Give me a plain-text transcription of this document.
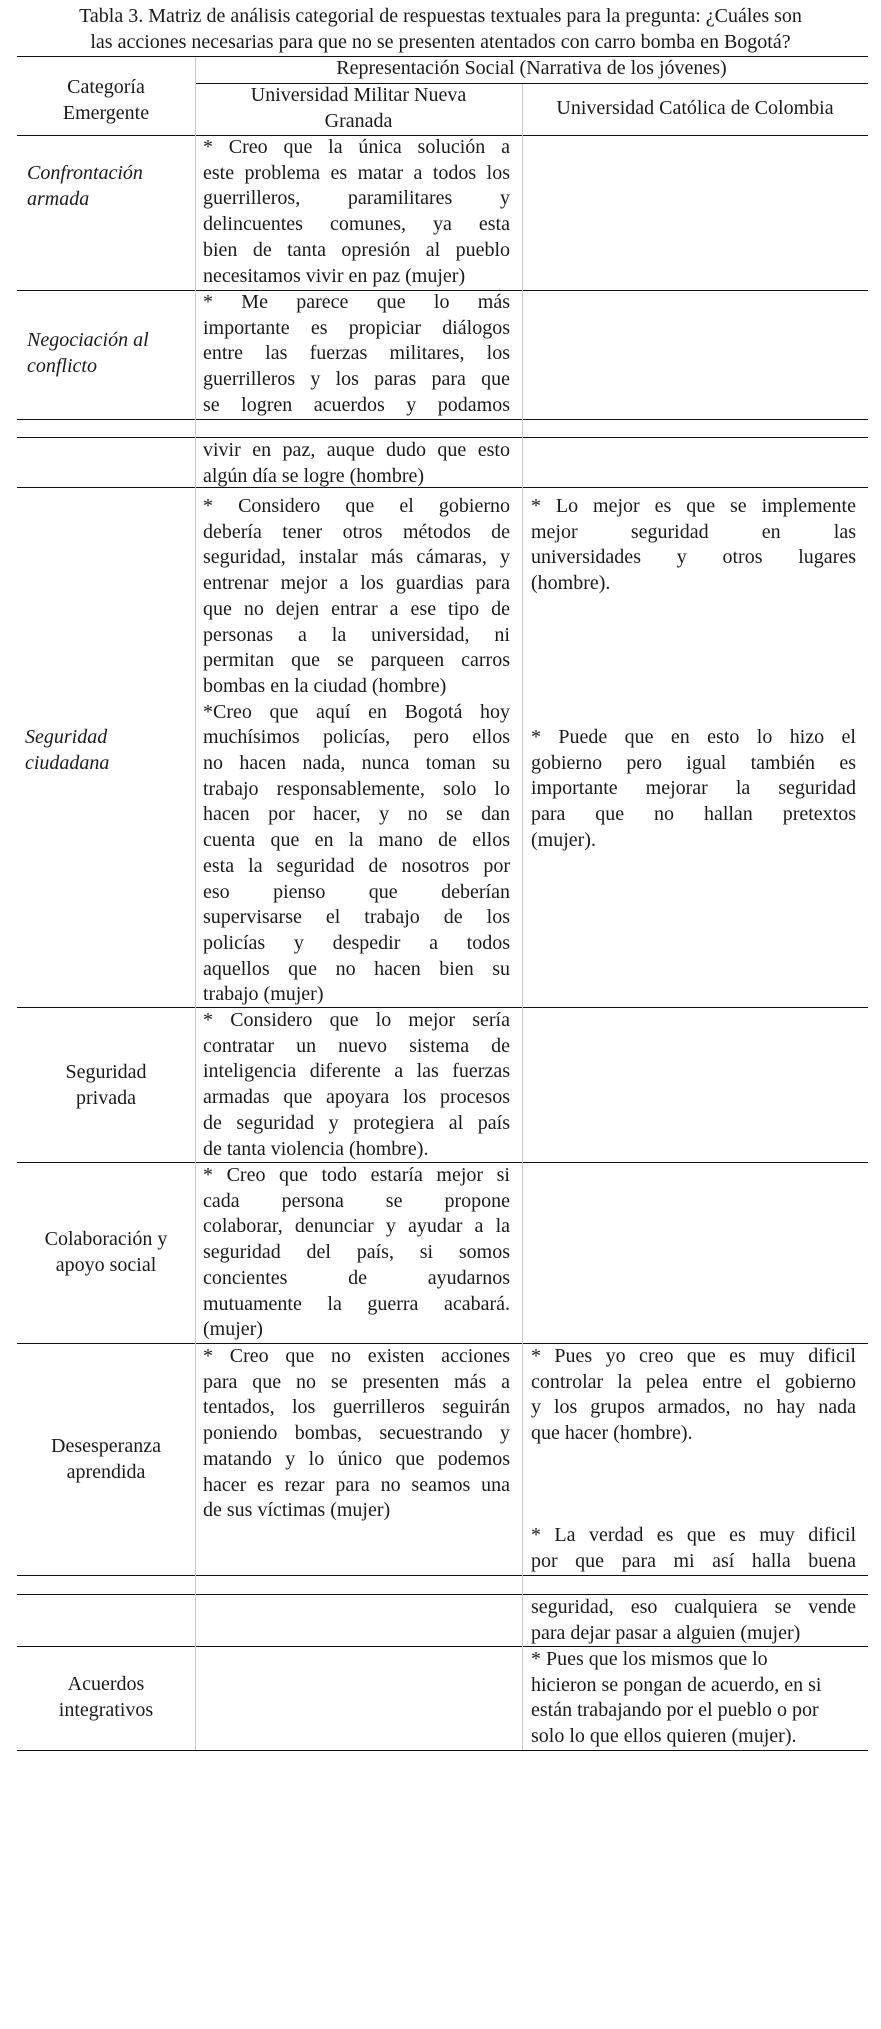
Tabla 3. Matriz de análisis categorial de respuestas textuales para la pregunta: ¿Cuáles son
las acciones necesarias para que no se presenten atentados con carro bomba en Bogotá?
Categoría
Emergente
Representación Social (Narrativa de los jóvenes)
Universidad Militar Nueva
Granada
Universidad Católica de Colombia
Confrontación
armada
* Creo que la única solución a
este problema es matar a todos los
guerrilleros, paramilitares y
delincuentes comunes, ya esta
bien de tanta opresión al pueblo
necesitamos vivir en paz (mujer)
Negociación al
conflicto
* Me parece que lo más
importante es propiciar diálogos
entre las fuerzas militares, los
guerrilleros y los paras para que
se logren acuerdos y podamos
vivir en paz, auque dudo que esto
algún día se logre (hombre)
Seguridad
ciudadana
* Considero que el gobierno
debería tener otros métodos de
seguridad, instalar más cámaras, y
entrenar mejor a los guardias para
que no dejen entrar a ese tipo de
personas a la universidad, ni
permitan que se parqueen carros
bombas en la ciudad (hombre)
*Creo que aquí en Bogotá hoy
muchísimos policías, pero ellos
no hacen nada, nunca toman su
trabajo responsablemente, solo lo
hacen por hacer, y no se dan
cuenta que en la mano de ellos
esta la seguridad de nosotros por
eso pienso que deberían
supervisarse el trabajo de los
policías y despedir a todos
aquellos que no hacen bien su
trabajo (mujer)
* Lo mejor es que se implemente
mejor seguridad en las
universidades y otros lugares
(hombre).
* Puede que en esto lo hizo el
gobierno pero igual también es
importante mejorar la seguridad
para que no hallan pretextos
(mujer).
Seguridad
privada
* Considero que lo mejor sería
contratar un nuevo sistema de
inteligencia diferente a las fuerzas
armadas que apoyara los procesos
de seguridad y protegiera al país
de tanta violencia (hombre).
Colaboración y
apoyo social
* Creo que todo estaría mejor si
cada persona se propone
colaborar, denunciar y ayudar a la
seguridad del país, si somos
concientes de ayudarnos
mutuamente la guerra acabará.
(mujer)
Desesperanza
aprendida
* Creo que no existen acciones
para que no se presenten más a
tentados, los guerrilleros seguirán
poniendo bombas, secuestrando y
matando y lo único que podemos
hacer es rezar para no seamos una
de sus víctimas (mujer)
* Pues yo creo que es muy dificil
controlar la pelea entre el gobierno
y los grupos armados, no hay nada
que hacer (hombre).
* La verdad es que es muy dificil
por que para mi así halla buena
seguridad, eso cualquiera se vende
para dejar pasar a alguien (mujer)
Acuerdos
integrativos
* Pues que los mismos que lo
hicieron se pongan de acuerdo, en si
están trabajando por el pueblo o por
solo lo que ellos quieren (mujer).
